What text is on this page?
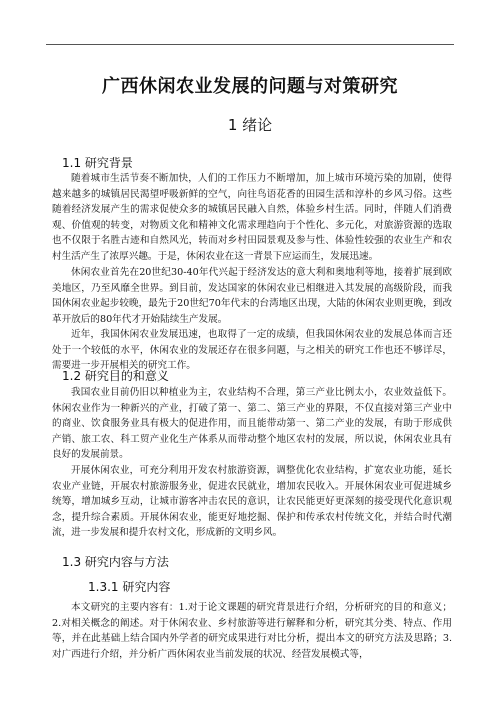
广西休闲农业发展的问题与对策研究
1 绪论
1.1 研究背景

随着城市生活节奏不断加快，人们的工作压力不断增加，加上城市环境污染的加剧，使得越来越多的城镇居民渴望呼吸新鲜的空气，向往鸟语花香的田园生活和淳朴的乡风习俗。这些随着经济发展产生的需求促使众多的城镇居民融入自然，体验乡村生活。同时，伴随人们消费观、价值观的转变，对物质文化和精神文化需求理趋向于个性化、多元化，对旅游资源的选取也不仅限于名胜古迹和自然风光，转而对乡村田园景观及参与性、体验性较强的农业生产和农村生活产生了浓厚兴趣。于是，休闲农业在这一背景下应运而生，发展迅速。

休闲农业首先在20世纪30-40年代兴起于经济发达的意大利和奥地利等地，接着扩展到欧美地区，乃至风靡全世界。到目前，发达国家的休闲农业已相继进入其发展的高级阶段，而我国休闲农业起步较晚，最先于20世纪70年代末的台湾地区出现，大陆的休闲农业则更晚，到改革开放后的80年代才开始陆续生产发展。

近年，我国休闲农业发展迅速，也取得了一定的成绩，但我国休闲农业的发展总体而言还处于一个较低的水平，休闲农业的发展还存在很多问题，与之相关的研究工作也还不够详尽，需要进一步开展相关的研究工作。

1.2 研究目的和意义

我国农业目前仍旧以种植业为主，农业结构不合理，第三产业比例太小，农业效益低下。休闲农业作为一种新兴的产业，打破了第一、第二、第三产业的界限，不仅直接对第三产业中的商业、饮食服务业具有极大的促进作用，而且能带动第一、第二产业的发展，有助于形成供产销、旅工农、科工贸产业化生产体系从而带动整个地区农村的发展，所以说，休闲农业具有良好的发展前景。

开展休闲农业，可充分利用开发农村旅游资源，调整优化农业结构，扩宽农业功能，延长农业产业链，开展农村旅游服务业，促进农民就业，增加农民收入。开展休闲农业可促进城乡统筹，增加城乡互动，让城市游客冲击农民的意识，让农民能更好更深刻的接受现代化意识观念，提升综合素质。开展休闲农业，能更好地挖掘、保护和传承农村传统文化，并结合时代潮流，进一步发展和提升农村文化，形成新的文明乡风。

1.3 研究内容与方法
1.3.1 研究内容

本文研究的主要内容有：1.对于论文课题的研究背景进行介绍，分析研究的目的和意义；2.对相关概念的阐述。对于休闲农业、乡村旅游等进行解释和分析，研究其分类、特点、作用等，并在此基础上结合国内外学者的研究成果进行对比分析，提出本文的研究方法及思路；3.对广西进行介绍，并分析广西休闲农业当前发展的状况、经营发展模式等，
